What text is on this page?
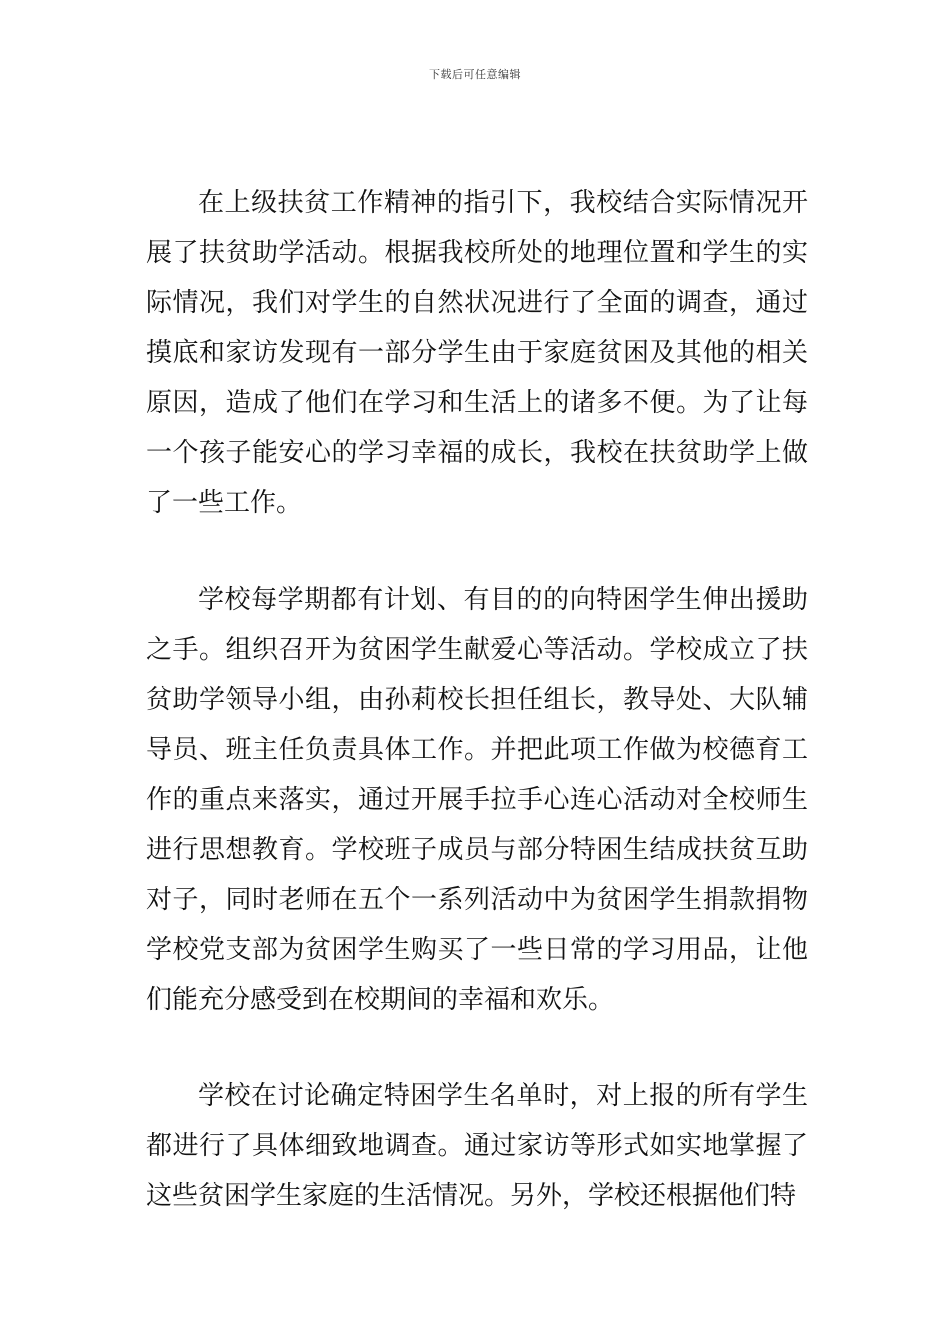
下载后可任意编辑

在上级扶贫工作精神的指引下，我校结合实际情况开展了扶贫助学活动。根据我校所处的地理位置和学生的实际情况，我们对学生的自然状况进行了全面的调查，通过摸底和家访发现有一部分学生由于家庭贫困及其他的相关原因，造成了他们在学习和生活上的诸多不便。为了让每一个孩子能安心的学习幸福的成长，我校在扶贫助学上做了一些工作。

学校每学期都有计划、有目的的向特困学生伸出援助之手。组织召开为贫困学生献爱心等活动。学校成立了扶贫助学领导小组，由孙莉校长担任组长，教导处、大队辅导员、班主任负责具体工作。并把此项工作做为校德育工作的重点来落实，通过开展手拉手心连心活动对全校师生进行思想教育。学校班子成员与部分特困生结成扶贫互助对子，同时老师在五个一系列活动中为贫困学生捐款捐物学校党支部为贫困学生购买了一些日常的学习用品，让他们能充分感受到在校期间的幸福和欢乐。

学校在讨论确定特困学生名单时，对上报的所有学生都进行了具体细致地调查。通过家访等形式如实地掌握了这些贫困学生家庭的生活情况。另外，学校还根据他们特
